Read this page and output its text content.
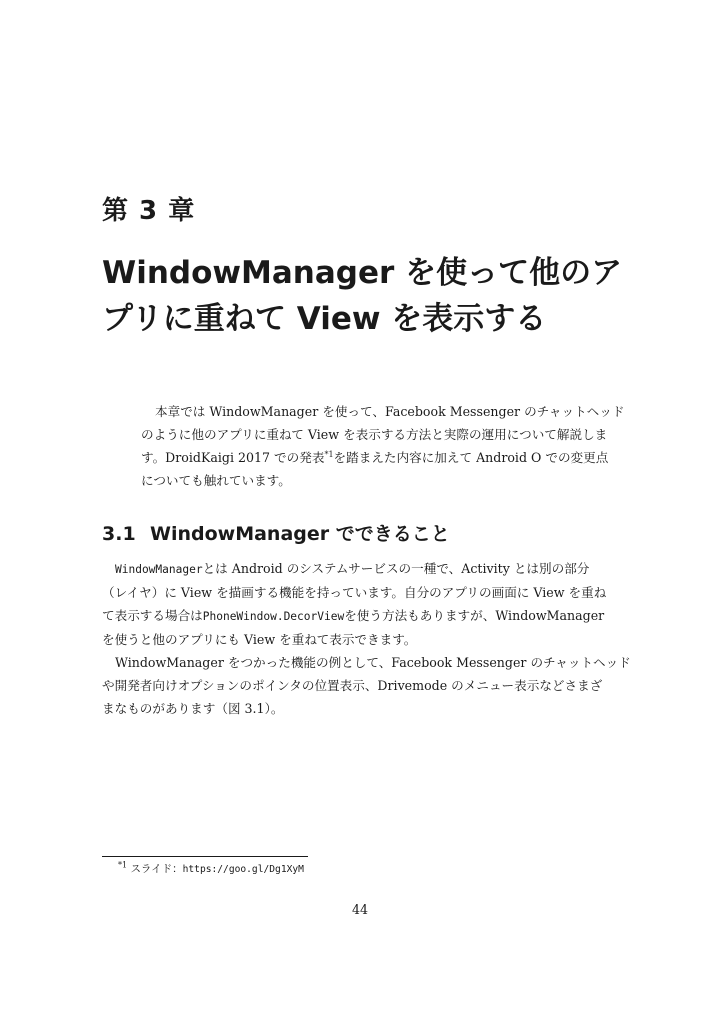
第 3 章
WindowManager を使って他のア
プリに重ねて View を表示する

本章では WindowManager を使って、Facebook Messenger のチャットヘッド
のように他のアプリに重ねて View を表示する方法と実際の運用について解説しま
す。DroidKaigi 2017 での発表$^{*1}$を踏まえた内容に加えて Android O での変更点
についても触れています。

3.1 WindowManager でできること
WindowManagerとは Android のシステムサービスの一種で、Activity とは別の部分
（レイヤ）に View を描画する機能を持っています。自分のアプリの画面に View を重ね
て表示する場合はPhoneWindow.DecorViewを使う方法もありますが、WindowManager
を使うと他のアプリにも View を重ねて表示できます。
WindowManager をつかった機能の例として、Facebook Messenger のチャットヘッド
や開発者向けオプションのポインタの位置表示、Drivemode のメニュー表示などさまざ
まなものがあります（図 3.1）。
$^{*1}$ スライド：https://goo.gl/Dg1XyM
44
